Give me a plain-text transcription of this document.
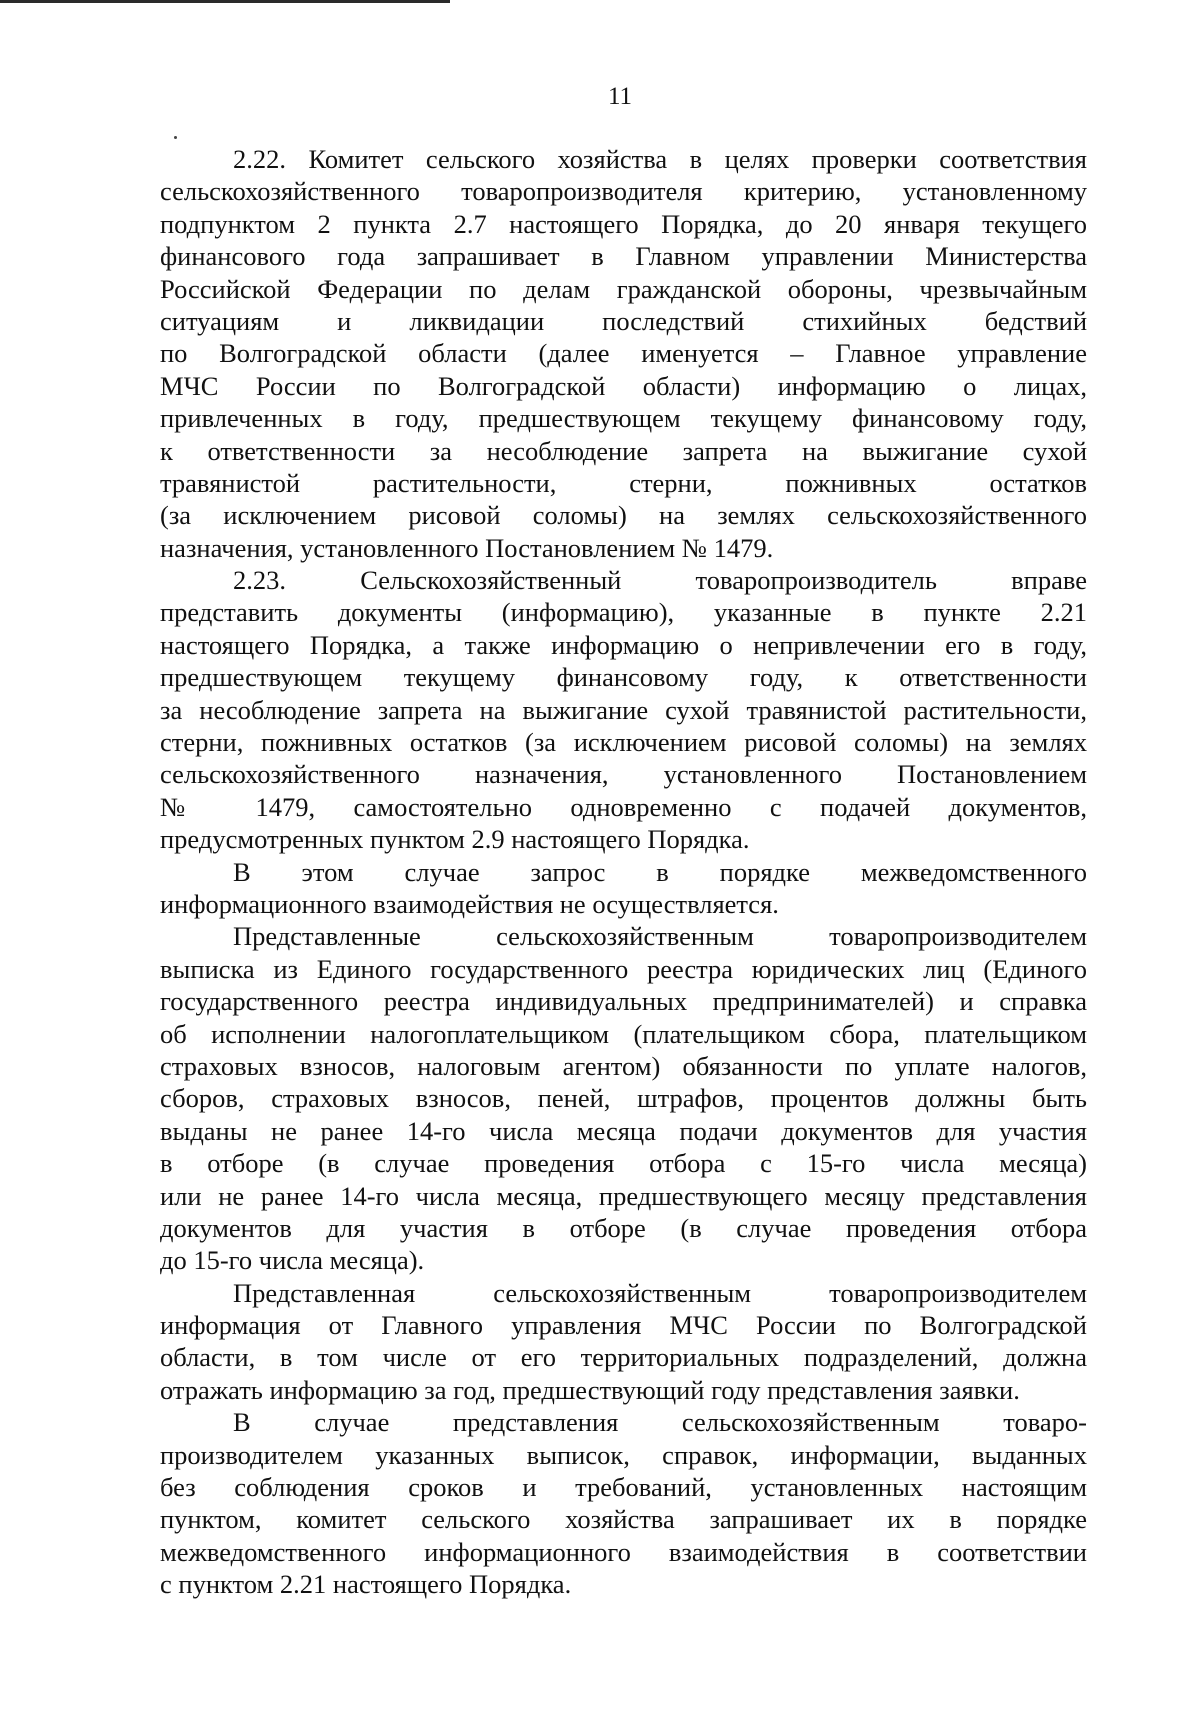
11
2.22. Комитет сельского хозяйства в целях проверки соответствия
сельскохозяйственного товаропроизводителя критерию, установленному
подпунктом 2 пункта 2.7 настоящего Порядка, до 20 января текущего
финансового года запрашивает в Главном управлении Министерства
Российской Федерации по делам гражданской обороны, чрезвычайным
ситуациям и ликвидации последствий стихийных бедствий
по Волгоградской области (далее именуется – Главное управление
МЧС России по Волгоградской области) информацию о лицах,
привлеченных в году, предшествующем текущему финансовому году,
к ответственности за несоблюдение запрета на выжигание сухой
травянистой растительности, стерни, пожнивных остатков
(за исключением рисовой соломы) на землях сельскохозяйственного
назначения, установленного Постановлением № 1479.
2.23. Сельскохозяйственный товаропроизводитель вправе
представить документы (информацию), указанные в пункте 2.21
настоящего Порядка, а также информацию о непривлечении его в году,
предшествующем текущему финансовому году, к ответственности
за несоблюдение запрета на выжигание сухой травянистой растительности,
стерни, пожнивных остатков (за исключением рисовой соломы) на землях
сельскохозяйственного назначения, установленного Постановлением
№ 1479, самостоятельно одновременно с подачей документов,
предусмотренных пунктом 2.9 настоящего Порядка.
В этом случае запрос в порядке межведомственного
информационного взаимодействия не осуществляется.
Представленные сельскохозяйственным товаропроизводителем
выписка из Единого государственного реестра юридических лиц (Единого
государственного реестра индивидуальных предпринимателей) и справка
об исполнении налогоплательщиком (плательщиком сбора, плательщиком
страховых взносов, налоговым агентом) обязанности по уплате налогов,
сборов, страховых взносов, пеней, штрафов, процентов должны быть
выданы не ранее 14-го числа месяца подачи документов для участия
в отборе (в случае проведения отбора с 15-го числа месяца)
или не ранее 14-го числа месяца, предшествующего месяцу представления
документов для участия в отборе (в случае проведения отбора
до 15-го числа месяца).
Представленная сельскохозяйственным товаропроизводителем
информация от Главного управления МЧС России по Волгоградской
области, в том числе от его территориальных подразделений, должна
отражать информацию за год, предшествующий году представления заявки.
В случае представления сельскохозяйственным товаро-
производителем указанных выписок, справок, информации, выданных
без соблюдения сроков и требований, установленных настоящим
пунктом, комитет сельского хозяйства запрашивает их в порядке
межведомственного информационного взаимодействия в соответствии
с пунктом 2.21 настоящего Порядка.
